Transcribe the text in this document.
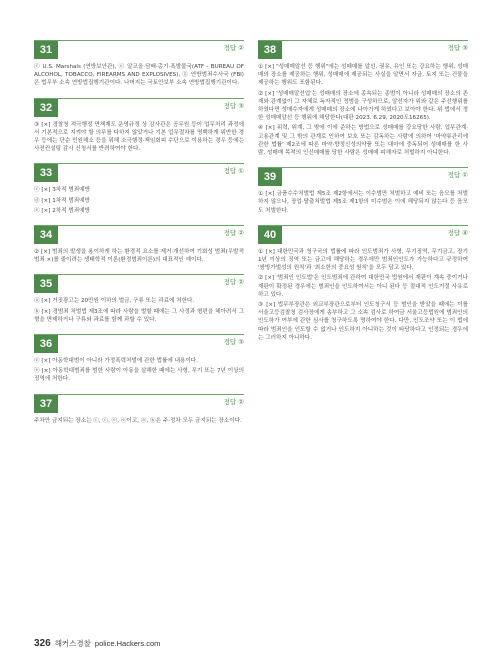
31	정답 ②

ⓒ U.S. Marshals (연방보안관), ⓔ 알코올·담배·총기·폭발물국(ATF - BUREAU OF ALCOHOL, TOBACCO, FIREARMS AND EXPLOSIVES), ⓖ 연방범죄수사국 (FBI)은 법무부 소속 연방법집행기관이다. 나머지는 국토안보부 소속 연방법집행기관이다.

32	정답 ③

③ [×] 경찰청 적극행정 면책제도 운영규정 상 감사관은 공무원 등이 업무처리 과정에서 기본적으로 지켜야 할 의무를 다하지 않았거나 기본 업무절차를 명백하게 위반한 경우 등에는 단순 민원해소 등을 위해 소극행정·책임회피 수단으로 이용하는 경우 등에는 사전컨설팅 감사 신청서를 반려하여야 한다.

33	정답 ①

ⓒ [×] 3차적 범죄예방

ⓓ [×] 1차적 범죄예방

ⓔ [×] 2차적 범죄예방

34	정답 ②

② [×] 범죄의 발생을 용이하게 하는 환경적 요소를 제거·개선하여 기회성 범죄(우발적 범죄 ×)를 줄이려는 생태학적 이론(환경범죄이론)의 대표적인 예이다.

35	정답 ②

ⓐ [×] 거짓광고는 20만원 이하의 벌금, 구류 또는 과료에 처한다.

ⓑ [×] 경범죄 처벌법 제3조에 따라 사람을 벌할 때에는 그 사정과 형편을 헤아려서 그 형을 면제하거나 구류와 과료를 함께 과할 수 있다.

36	정답 ③

ⓔ [×] 아동학대범이 아니라 가정폭력처벌에 관한 법률에 내용이다.

ⓔ [×] 아동학대범죄를 범한 사람이 아동을 살해한 때에는 사형, 무기 또는 7년 이상의 징역에 처한다.

37	정답 ②

주차만 금지되는 장소는 ⓒ, ⓒ, ⓔ, ⓔ이고, ⓐ, ⓑ은 주·정차 모두 금지되는 장소이다.

38	정답 ③

① [×] "성매매알선 등 행위"에는 성매매를 알선, 권유, 유인 또는 강요하는 행위, 성매매의 장소를 제공하는 행위, 성매매에 제공되는 사실을 알면서 자금, 토지 또는 건물을 제공하는 행위도 포함된다.

② [×] '성매매알선업'는 성매매의 장소에 종속되는 종범이 아니라 성매매의 장소의 존재와 관계없이 그 자체로 독자적인 정범을 구성하므로, 알선자가 위와 같은 주선행위를 하였다면 성매수자에게 성매매의 장소에 나아가게 하였다고 보아야 한다. 위 법에서 정한 성매매알선 등 행위에 해당한다(대판 2023. 6.29, 2020도16265).

④ [×] 위력, 위계, 그 밖에 이에 준하는 방법으로 성매매를 강요당한 사람, 업무관계·고용관계 및 그 밖의 관계로 인하여 보호 또는 감독하는 사람에 의하여 '마약류관리에 관한 법률' 제2조에 따른 마약·향정신성의약품 또는 대마에 중독되어 성매매를 한 사람, 성매매 목적의 인신매매를 당한 사람은 성매매 피해자로 처벌하지 아니한다.

39	정답 ①

① [×] 금품수수처벌법 제5조 제2항에서는 이수범만 처벌하고 예비 또는 음모를 처벌하지 않으나, 장업·탈출처벌법 제5조 제1항의 미수범은 이에 해당되지 않는다 등 음모도 처벌한다.

40	정답 ④

① [×] 대한민국과 청구국의 법률에 따라 인도범죄가 사형, 무기징역, 무기금고, 장기 1년 이상의 징역 또는 금고에 해당하는 경우에만 범죄인인도가 가능하다고 규정하여 '쌍방가벌성의 원칙'과 '최소한의 중요성 원칙'을 모두 담고 있다.

② [×] '범죄인 인도법'은 인도범죄에 관하여 대한민국 법원에서 재판이 계속 중이거나 재판이 확정된 경우에는 범죄인을 인도하여서는 아니 된다 등 절대적 인도거절 사유로 하고 있다.

③ [×] 법무부장관은 외교부장관으로부터 인도청구서 등 범인을 받았을 때에는 이를 서울고등검찰청 검사장에게 송부하고 그 소속 검사로 하여금 서울고등법원에 범죄인의 인도하가 여부에 관한 심사를 청구하도록 명하여야 한다. 다만, 인도조약 또는 이 법에 따라 범죄인을 인도할 수 없거나 인도하지 아니하는 것이 타당하다고 인정되는 경우에는 그러하지 아니하다.

326 해커스경찰 police.Hackers.com
